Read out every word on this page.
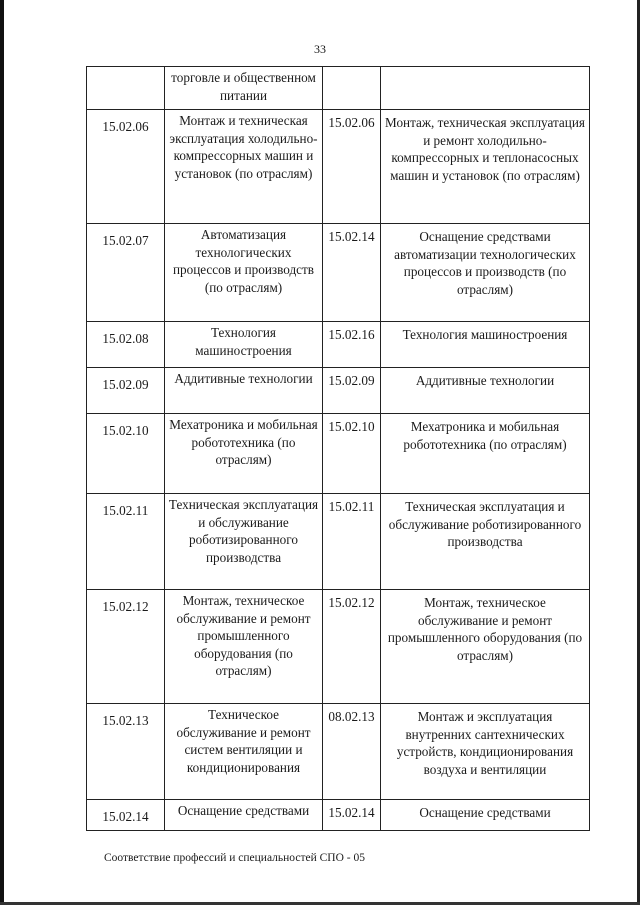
33
	торговле и общественном питании		
15.02.06	Монтаж и техническая эксплуатация холодильно-компрессорных машин и установок (по отраслям)	15.02.06	Монтаж, техническая эксплуатация и ремонт холодильно-компрессорных и теплонасосных машин и установок (по отраслям)
15.02.07	Автоматизация технологических процессов и производств (по отраслям)	15.02.14	Оснащение средствами автоматизации технологических процессов и производств (по отраслям)
15.02.08	Технология машиностроения	15.02.16	Технология машиностроения
15.02.09	Аддитивные технологии	15.02.09	Аддитивные технологии
15.02.10	Мехатроника и мобильная робототехника (по отраслям)	15.02.10	Мехатроника и мобильная робототехника (по отраслям)
15.02.11	Техническая эксплуатация и обслуживание роботизированного производства	15.02.11	Техническая эксплуатация и обслуживание роботизированного производства
15.02.12	Монтаж, техническое обслуживание и ремонт промышленного оборудования (по отраслям)	15.02.12	Монтаж, техническое обслуживание и ремонт промышленного оборудования (по отраслям)
15.02.13	Техническое обслуживание и ремонт систем вентиляции и кондиционирования	08.02.13	Монтаж и эксплуатация внутренних сантехнических устройств, кондиционирования воздуха и вентиляции
15.02.14	Оснащение средствами	15.02.14	Оснащение средствами
Соответствие профессий и специальностей СПО - 05
